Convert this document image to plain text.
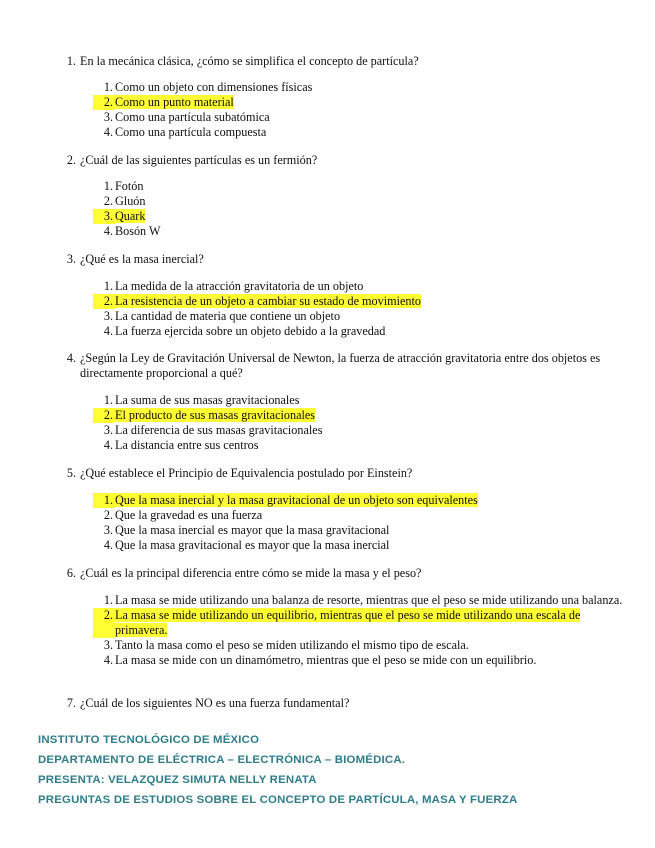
1. En la mecánica clásica, ¿cómo se simplifica el concepto de partícula?
1. Como un objeto con dimensiones físicas
2. Como un punto material
3. Como una partícula subatómica
4. Como una partícula compuesta
2. ¿Cuál de las siguientes partículas es un fermión?
1. Fotón
2. Gluón
3. Quark
4. Bosón W
3. ¿Qué es la masa inercial?
1. La medida de la atracción gravitatoria de un objeto
2. La resistencia de un objeto a cambiar su estado de movimiento
3. La cantidad de materia que contiene un objeto
4. La fuerza ejercida sobre un objeto debido a la gravedad
4. ¿Según la Ley de Gravitación Universal de Newton, la fuerza de atracción gravitatoria entre dos objetos es directamente proporcional a qué?
1. La suma de sus masas gravitacionales
2. El producto de sus masas gravitacionales
3. La diferencia de sus masas gravitacionales
4. La distancia entre sus centros
5. ¿Qué establece el Principio de Equivalencia postulado por Einstein?
1. Que la masa inercial y la masa gravitacional de un objeto son equivalentes
2. Que la gravedad es una fuerza
3. Que la masa inercial es mayor que la masa gravitacional
4. Que la masa gravitacional es mayor que la masa inercial
6. ¿Cuál es la principal diferencia entre cómo se mide la masa y el peso?
1. La masa se mide utilizando una balanza de resorte, mientras que el peso se mide utilizando una balanza.
2. La masa se mide utilizando un equilibrio, mientras que el peso se mide utilizando una escala de primavera.
3. Tanto la masa como el peso se miden utilizando el mismo tipo de escala.
4. La masa se mide con un dinamómetro, mientras que el peso se mide con un equilibrio.
7. ¿Cuál de los siguientes NO es una fuerza fundamental?
INSTITUTO TECNOLÓGICO DE MÉXICO
DEPARTAMENTO DE ELÉCTRICA – ELECTRÓNICA – BIOMÉDICA.
PRESENTA: VELAZQUEZ SIMUTA NELLY RENATA
PREGUNTAS DE ESTUDIOS SOBRE EL CONCEPTO DE PARTÍCULA, MASA Y FUERZA
